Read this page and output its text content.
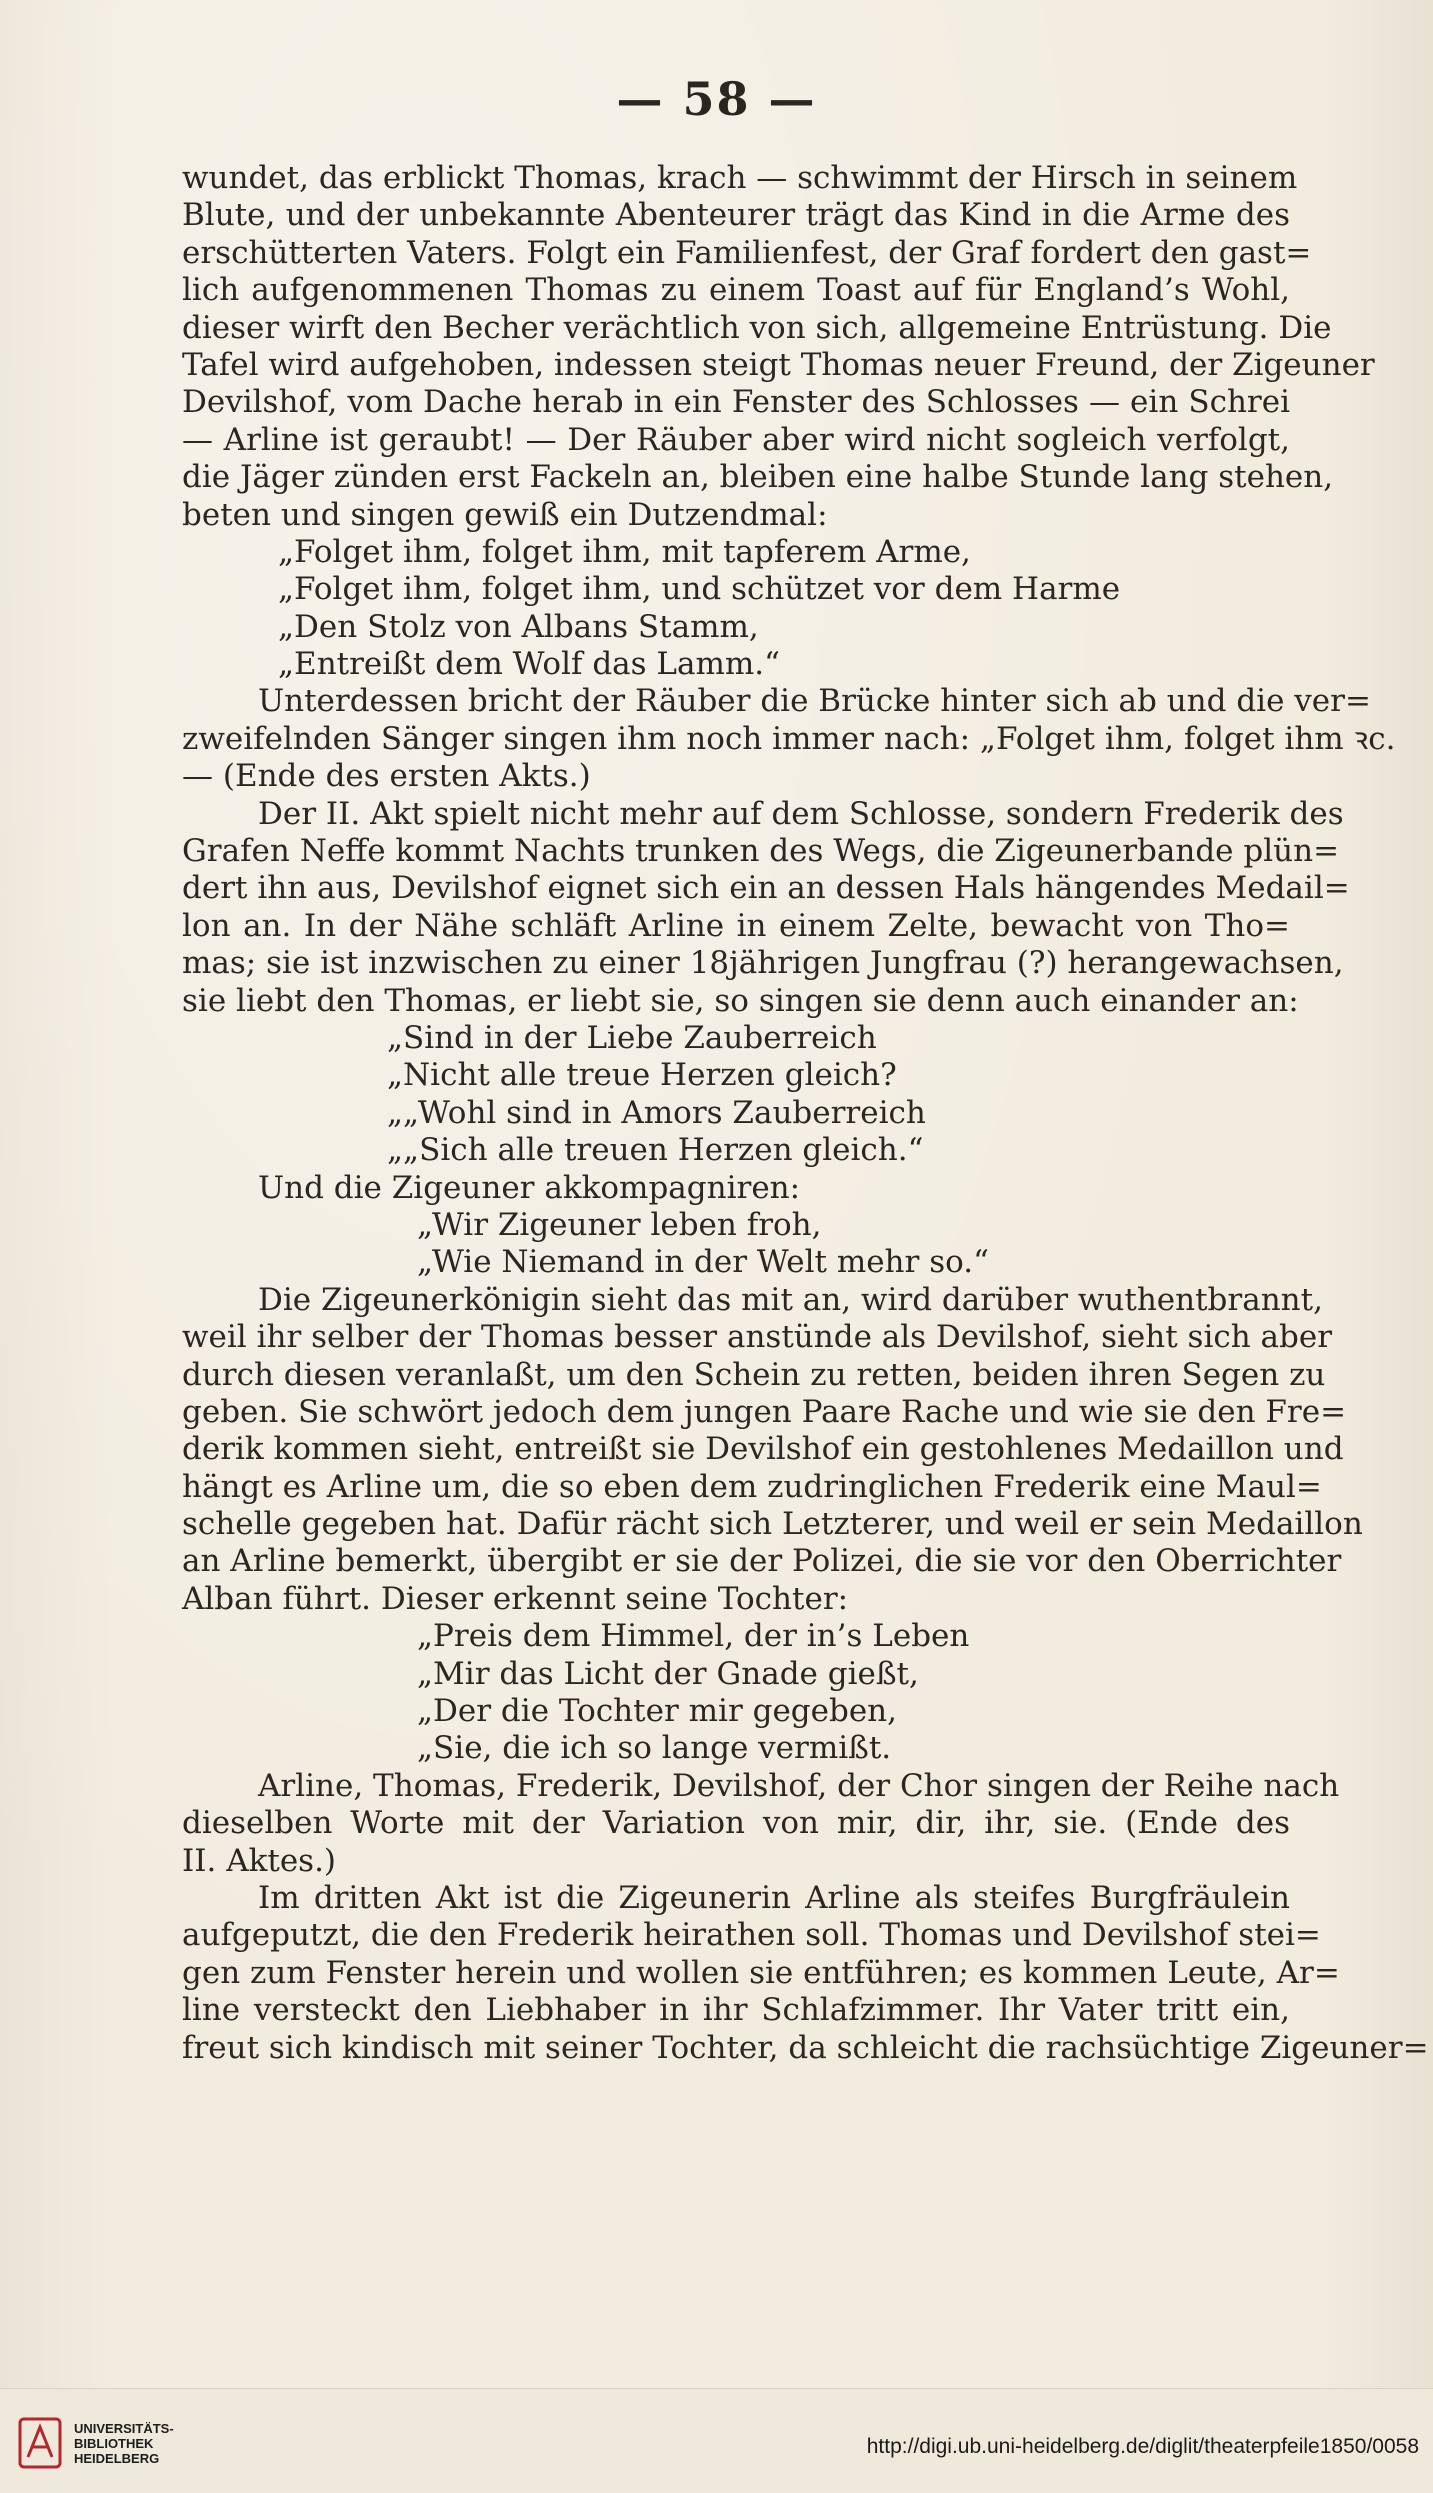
— 58 —
wundet, das erblickt Thomas, krach — schwimmt der Hirsch in seinem
Blute, und der unbekannte Abenteurer trägt das Kind in die Arme des
erschütterten Vaters. Folgt ein Familienfest, der Graf fordert den gast=
lich aufgenommenen Thomas zu einem Toast auf für England’s Wohl,
dieser wirft den Becher verächtlich von sich, allgemeine Entrüstung. Die
Tafel wird aufgehoben, indessen steigt Thomas neuer Freund, der Zigeuner
Devilshof, vom Dache herab in ein Fenster des Schlosses — ein Schrei
— Arline ist geraubt! — Der Räuber aber wird nicht sogleich verfolgt,
die Jäger zünden erst Fackeln an, bleiben eine halbe Stunde lang stehen,
beten und singen gewiß ein Dutzendmal:
„Folget ihm, folget ihm, mit tapferem Arme,
„Folget ihm, folget ihm, und schützet vor dem Harme
„Den Stolz von Albans Stamm,
„Entreißt dem Wolf das Lamm.“
Unterdessen bricht der Räuber die Brücke hinter sich ab und die ver=
zweifelnden Sänger singen ihm noch immer nach: „Folget ihm, folget ihm ꝛc.
— (Ende des ersten Akts.)
Der II. Akt spielt nicht mehr auf dem Schlosse, sondern Frederik des
Grafen Neffe kommt Nachts trunken des Wegs, die Zigeunerbande plün=
dert ihn aus, Devilshof eignet sich ein an dessen Hals hängendes Medail=
lon an. In der Nähe schläft Arline in einem Zelte, bewacht von Tho=
mas; sie ist inzwischen zu einer 18jährigen Jungfrau (?) herangewachsen,
sie liebt den Thomas, er liebt sie, so singen sie denn auch einander an:
„Sind in der Liebe Zauberreich
„Nicht alle treue Herzen gleich?
„„Wohl sind in Amors Zauberreich
„„Sich alle treuen Herzen gleich.“
Und die Zigeuner akkompagniren:
„Wir Zigeuner leben froh,
„Wie Niemand in der Welt mehr so.“
Die Zigeunerkönigin sieht das mit an, wird darüber wuthentbrannt,
weil ihr selber der Thomas besser anstünde als Devilshof, sieht sich aber
durch diesen veranlaßt, um den Schein zu retten, beiden ihren Segen zu
geben. Sie schwört jedoch dem jungen Paare Rache und wie sie den Fre=
derik kommen sieht, entreißt sie Devilshof ein gestohlenes Medaillon und
hängt es Arline um, die so eben dem zudringlichen Frederik eine Maul=
schelle gegeben hat. Dafür rächt sich Letzterer, und weil er sein Medaillon
an Arline bemerkt, übergibt er sie der Polizei, die sie vor den Oberrichter
Alban führt. Dieser erkennt seine Tochter:
„Preis dem Himmel, der in’s Leben
„Mir das Licht der Gnade gießt,
„Der die Tochter mir gegeben,
„Sie, die ich so lange vermißt.
Arline, Thomas, Frederik, Devilshof, der Chor singen der Reihe nach
dieselben Worte mit der Variation von mir, dir, ihr, sie. (Ende des
II. Aktes.)
Im dritten Akt ist die Zigeunerin Arline als steifes Burgfräulein
aufgeputzt, die den Frederik heirathen soll. Thomas und Devilshof stei=
gen zum Fenster herein und wollen sie entführen; es kommen Leute, Ar=
line versteckt den Liebhaber in ihr Schlafzimmer. Ihr Vater tritt ein,
freut sich kindisch mit seiner Tochter, da schleicht die rachsüchtige Zigeuner=
UNIVERSITÄTS-
BIBLIOTHEK
HEIDELBERG
http://digi.ub.uni-heidelberg.de/diglit/theaterpfeile1850/0058
